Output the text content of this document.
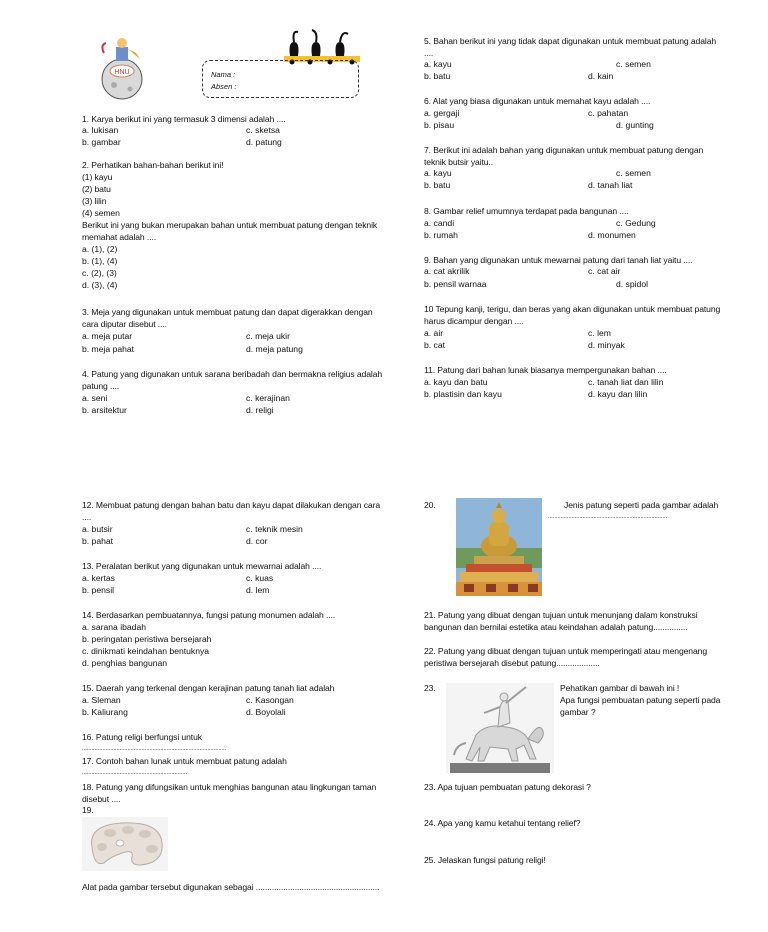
HNU	Nama :
Absen :
1. Karya berikut ini yang termasuk 3 dimensi adalah ....
a. lukisan	c. sketsa
b. gambar	d. patung
2. Perhatikan bahan-bahan berikut ini!
(1) kayu
(2) batu
(3) lilin
(4) semen
Berikut ini yang bukan merupakan bahan untuk membuat patung dengan teknik
memahat adalah ....
a. (1), (2)
b. (1), (4)
c. (2), (3)
d. (3), (4)
3. Meja yang digunakan untuk membuat patung dan dapat digerakkan dengan
cara diputar disebut ....
a. meja putar	c. meja ukir
b. meja pahat	d. meja patung
4. Patung yang digunakan untuk sarana beribadah dan bermakna religius adalah
patung ....
a. seni	c. kerajinan
b. arsitektur	d. religi
5. Bahan berikut ini yang tidak dapat digunakan untuk membuat patung adalah
....
a. kayu	c. semen
b. batu	d. kain
6. Alat yang biasa digunakan untuk memahat kayu adalah ....
a. gergaji	c. pahatan
b. pisau	d. gunting
7. Berikut ini adalah bahan yang digunakan untuk membuat patung dengan
teknik butsir yaitu..
a. kayu	c. semen
b. batu	d. tanah liat
8. Gambar relief umumnya terdapat pada bangunan ....
a. candi	c. Gedung
b. rumah	d. monumen
9. Bahan yang digunakan untuk mewarnai patung dari tanah liat yaitu ....
a. cat akrilik	c. cat air
b. pensil warnaa	d. spidol
10 Tepung kanji, terigu, dan beras yang akan digunakan untuk membuat patung
harus dicampur dengan ....
a. air	c. lem
b. cat	d. minyak
11. Patung dari bahan lunak biasanya mempergunakan bahan ....
a. kayu dan batu	c. tanah liat dan lilin
b. plastisin dan kayu	d. kayu dan lilin
12. Membuat patung dengan bahan batu dan kayu dapat dilakukan dengan cara
....
a. butsir	c. teknik mesin
b. pahat	d. cor
13. Peralatan berikut yang digunakan untuk mewarnai adalah ....
a. kertas	c. kuas
b. pensil	d. lem
14. Berdasarkan pembuatannya, fungsi patung monumen adalah ....
a. sarana ibadah
b. peringatan peristiwa bersejarah
c. dinikmati keindahan bentuknya
d. penghias bangunan
15. Daerah yang terkenal dengan kerajinan patung tanah liat adalah
a. Sleman	c. Kasongan
b. Kaliurang	d. Boyolali
16. Patung religi berfungsi untuk
............................................................................................
17. Contoh bahan lunak untuk membuat patung adalah
...................................................................
18. Patung yang difungsikan untuk menghias bangunan atau lingkungan taman
disebut ....
19.
Alat pada gambar tersebut digunakan sebagai ......................................................
20.	Jenis patung seperti pada gambar adalah
............................................................................
21. Patung yang dibuat dengan tujuan untuk menunjang dalam konstruksi
bangunan dan bernilai estetika atau keindahan adalah patung...............
22. Patung yang dibuat dengan tujuan untuk memperingati atau mengenang
peristiwa bersejarah disebut patung...................
23.	Pehatikan gambar di bawah ini !
Apa fungsi pembuatan patung seperti pada
gambar ?
23. Apa tujuan pembuatan patung dekorasi ?
24. Apa yang kamu ketahui tentang relief?
25. Jelaskan fungsi patung religi!
